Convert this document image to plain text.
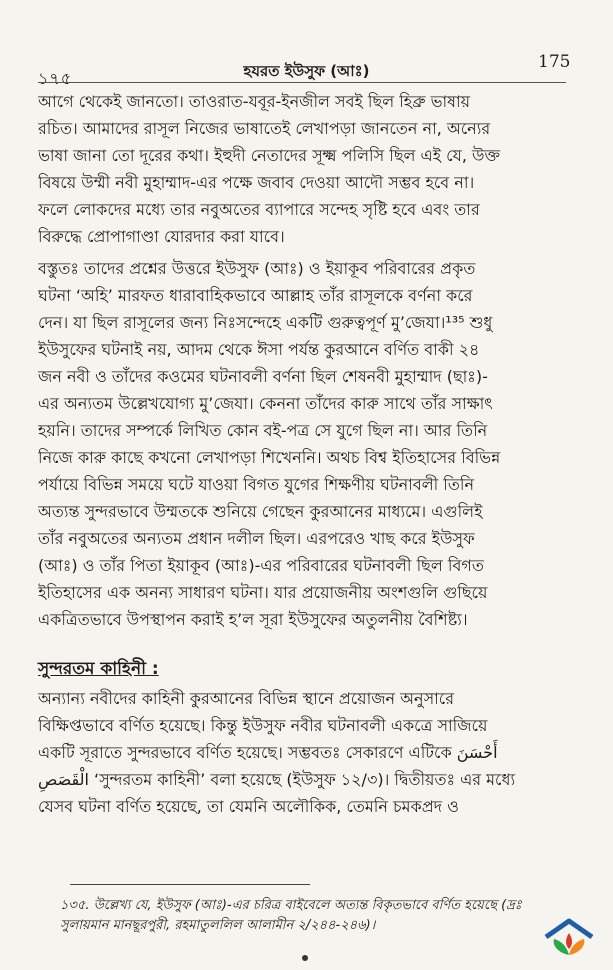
১৭৫	হযরত ইউসুফ (আঃ)	175
আগে থেকেই জানতো। তাওরাত-যবূর-ইনজীল সবই ছিল হিব্রু ভাষায়
রচিত। আমাদের রাসূল নিজের ভাষাতেই লেখাপড়া জানতেন না, অন্যের
ভাষা জানা তো দূরের কথা। ইহুদী নেতাদের সূক্ষ্ম পলিসি ছিল এই যে, উক্ত
বিষয়ে উম্মী নবী মুহাম্মাদ-এর পক্ষে জবাব দেওয়া আদৌ সম্ভব হবে না।
ফলে লোকদের মধ্যে তার নবুঅতের ব্যাপারে সন্দেহ সৃষ্টি হবে এবং তার
বিরুদ্ধে প্রোপাগাণ্ডা যোরদার করা যাবে।
বস্তুতঃ তাদের প্রশ্নের উত্তরে ইউসুফ (আঃ) ও ইয়াকূব পরিবারের প্রকৃত
ঘটনা ‘অহি’ মারফত ধারাবাহিকভাবে আল্লাহ তাঁর রাসূলকে বর্ণনা করে
দেন। যা ছিল রাসূলের জন্য নিঃসন্দেহে একটি গুরুত্বপূর্ণ মু’জেযা।¹³⁵ শুধু
ইউসুফের ঘটনাই নয়, আদম থেকে ঈসা পর্যন্ত কুরআনে বর্ণিত বাকী ২৪
জন নবী ও তাঁদের কওমের ঘটনাবলী বর্ণনা ছিল শেষনবী মুহাম্মাদ (ছাঃ)-
এর অন্যতম উল্লেখযোগ্য মু’জেযা। কেননা তাঁদের কারু সাথে তাঁর সাক্ষাৎ
হয়নি। তাদের সম্পর্কে লিখিত কোন বই-পত্র সে যুগে ছিল না। আর তিনি
নিজে কারু কাছে কখনো লেখাপড়া শিখেননি। অথচ বিশ্ব ইতিহাসের বিভিন্ন
পর্যায়ে বিভিন্ন সময়ে ঘটে যাওয়া বিগত যুগের শিক্ষণীয় ঘটনাবলী তিনি
অত্যন্ত সুন্দরভাবে উম্মতকে শুনিয়ে গেছেন কুরআনের মাধ্যমে। এগুলিই
তাঁর নবুঅতের অন্যতম প্রধান দলীল ছিল। এরপরেও খাছ করে ইউসুফ
(আঃ) ও তাঁর পিতা ইয়াকূব (আঃ)-এর পরিবারের ঘটনাবলী ছিল বিগত
ইতিহাসের এক অনন্য সাধারণ ঘটনা। যার প্রয়োজনীয় অংশগুলি গুছিয়ে
একত্রিতভাবে উপস্থাপন করাই হ’ল সূরা ইউসুফের অতুলনীয় বৈশিষ্ট্য।
সুন্দরতম কাহিনী :
অন্যান্য নবীদের কাহিনী কুরআনের বিভিন্ন স্থানে প্রয়োজন অনুসারে
বিক্ষিপ্তভাবে বর্ণিত হয়েছে। কিন্তু ইউসুফ নবীর ঘটনাবলী একত্রে সাজিয়ে
একটি সূরাতে সুন্দরভাবে বর্ণিত হয়েছে। সম্ভবতঃ সেকারণে এটিকে أَحْسَنَ
الْقَصَصِ ‘সুন্দরতম কাহিনী’ বলা হয়েছে (ইউসুফ ১২/৩)। দ্বিতীয়তঃ এর মধ্যে
যেসব ঘটনা বর্ণিত হয়েছে, তা যেমনি অলৌকিক, তেমনি চমকপ্রদ ও
১৩৫. উল্লেখ্য যে, ইউসুফ (আঃ)-এর চরিত্র বাইবেলে অত্যন্ত বিকৃতভাবে বর্ণিত হয়েছে (দ্রঃ
সুলায়মান মানছূরপুরী, রহমাতুললিল আলামীন ২/২৪৪-২৪৬)।
